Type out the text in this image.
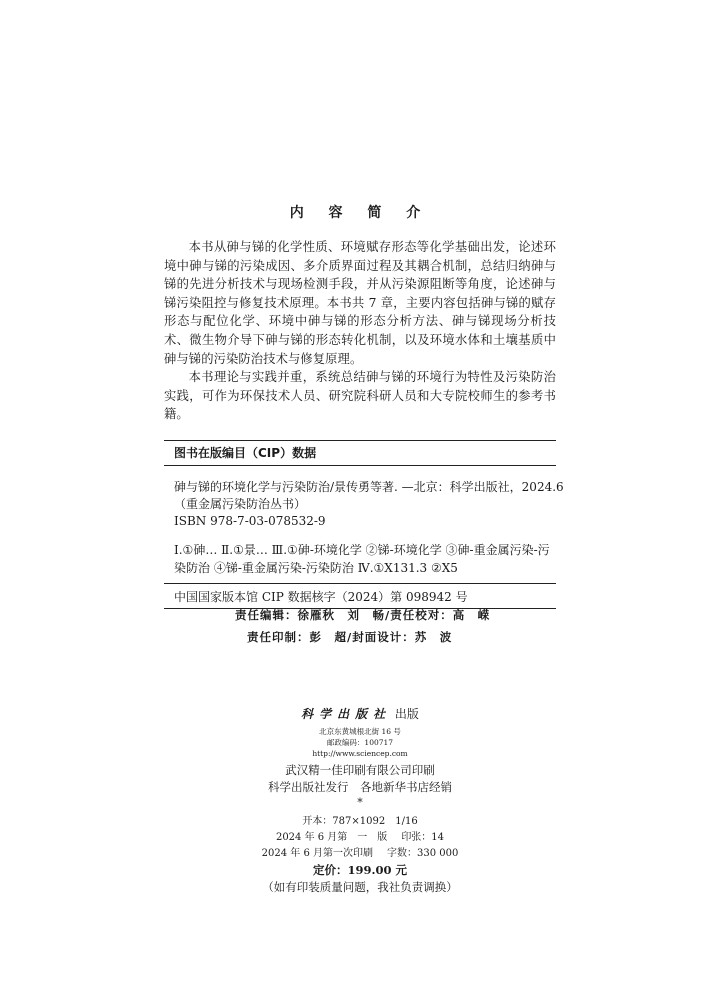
内 容 简 介

本书从砷与锑的化学性质、环境赋存形态等化学基础出发，论述环境中砷与锑的污染成因、多介质界面过程及其耦合机制，总结归纳砷与锑的先进分析技术与现场检测手段，并从污染源阻断等角度，论述砷与锑污染阻控与修复技术原理。本书共 7 章，主要内容包括砷与锑的赋存形态与配位化学、环境中砷与锑的形态分析方法、砷与锑现场分析技术、微生物介导下砷与锑的形态转化机制，以及环境水体和土壤基质中砷与锑的污染防治技术与修复原理。

本书理论与实践并重，系统总结砷与锑的环境行为特性及污染防治实践，可作为环保技术人员、研究院科研人员和大专院校师生的参考书籍。

图书在版编目（CIP）数据
砷与锑的环境化学与污染防治/景传勇等著. —北京：科学出版社，2024.6
（重金属污染防治丛书）
ISBN 978-7-03-078532-9
Ⅰ.①砷… Ⅱ.①景… Ⅲ.①砷-环境化学 ②锑-环境化学 ③砷-重金属污染-污染防治 ④锑-重金属污染-污染防治 Ⅳ.①X131.3 ②X5
中国国家版本馆 CIP 数据核字（2024）第 098942 号
责任编辑：徐雁秋　刘　畅/责任校对：高　嵘
责任印制：彭　超/封面设计：苏　波
科学出版社 出版
北京东黄城根北街 16 号
邮政编码：100717
http://www.sciencep.com
武汉精一佳印刷有限公司印刷
科学出版社发行　各地新华书店经销
*
开本：787×1092　1/16
2024 年 6 月第　一　版 印张：14
2024 年 6 月第一次印刷 字数：330 000
定价：199.00 元
（如有印装质量问题，我社负责调换）
